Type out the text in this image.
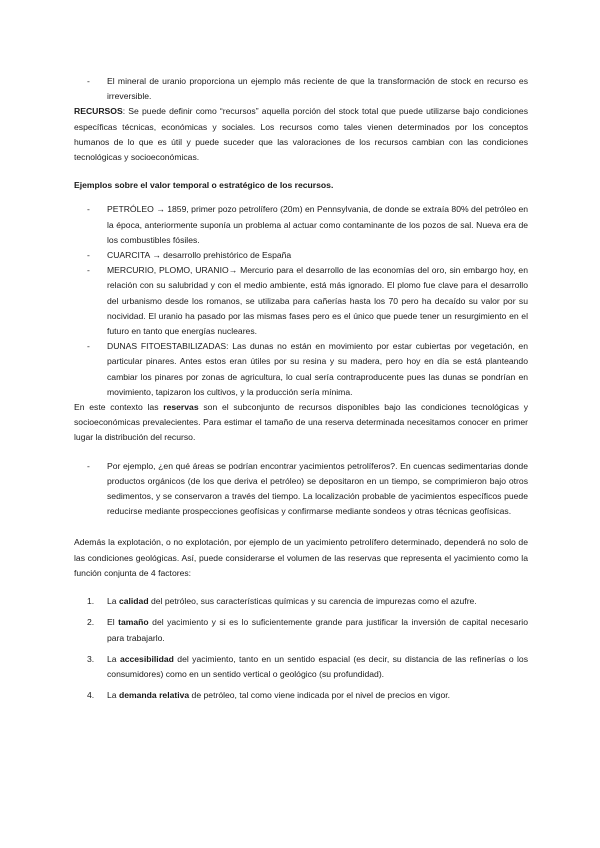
- El mineral de uranio proporciona un ejemplo más reciente de que la transformación de stock en recurso es irreversible.

RECURSOS: Se puede definir como “recursos” aquella porción del stock total que puede utilizarse bajo condiciones específicas técnicas, económicas y sociales. Los recursos como tales vienen determinados por los conceptos humanos de lo que es útil y puede suceder que las valoraciones de los recursos cambian con las condiciones tecnológicas y socioeconómicas.

Ejemplos sobre el valor temporal o estratégico de los recursos.

- PETRÓLEO → 1859, primer pozo petrolífero (20m) en Pennsylvania, de donde se extraía 80% del petróleo en la época, anteriormente suponía un problema al actuar como contaminante de los pozos de sal. Nueva era de los combustibles fósiles.
- CUARCITA → desarrollo prehistórico de España
- MERCURIO, PLOMO, URANIO→ Mercurio para el desarrollo de las economías del oro, sin embargo hoy, en relación con su salubridad y con el medio ambiente, está más ignorado. El plomo fue clave para el desarrollo del urbanismo desde los romanos, se utilizaba para cañerías hasta los 70 pero ha decaído su valor por su nocividad. El uranio ha pasado por las mismas fases pero es el único que puede tener un resurgimiento en el futuro en tanto que energías nucleares.
- DUNAS FITOESTABILIZADAS: Las dunas no están en movimiento por estar cubiertas por vegetación, en particular pinares. Antes estos eran útiles por su resina y su madera, pero hoy en día se está planteando cambiar los pinares por zonas de agricultura, lo cual sería contraproducente pues las dunas se pondrían en movimiento, tapizaron los cultivos, y la producción sería mínima.

En este contexto las reservas son el subconjunto de recursos disponibles bajo las condiciones tecnológicas y socioeconómicas prevalecientes. Para estimar el tamaño de una reserva determinada necesitamos conocer en primer lugar la distribución del recurso.

- Por ejemplo, ¿en qué áreas se podrían encontrar yacimientos petrolíferos?. En cuencas sedimentarias donde productos orgánicos (de los que deriva el petróleo) se depositaron en un tiempo, se comprimieron bajo otros sedimentos, y se conservaron a través del tiempo. La localización probable de yacimientos específicos puede reducirse mediante prospecciones geofísicas y confirmarse mediante sondeos y otras técnicas geofísicas.

Además la explotación, o no explotación, por ejemplo de un yacimiento petrolífero determinado, dependerá no solo de las condiciones geológicas. Así, puede considerarse el volumen de las reservas que representa el yacimiento como la función conjunta de 4 factores:

1. La calidad del petróleo, sus características químicas y su carencia de impurezas como el azufre.
2. El tamaño del yacimiento y si es lo suficientemente grande para justificar la inversión de capital necesario para trabajarlo.
3. La accesibilidad del yacimiento, tanto en un sentido espacial (es decir, su distancia de las refinerías o los consumidores) como en un sentido vertical o geológico (su profundidad).
4. La demanda relativa de petróleo, tal como viene indicada por el nivel de precios en vigor.
